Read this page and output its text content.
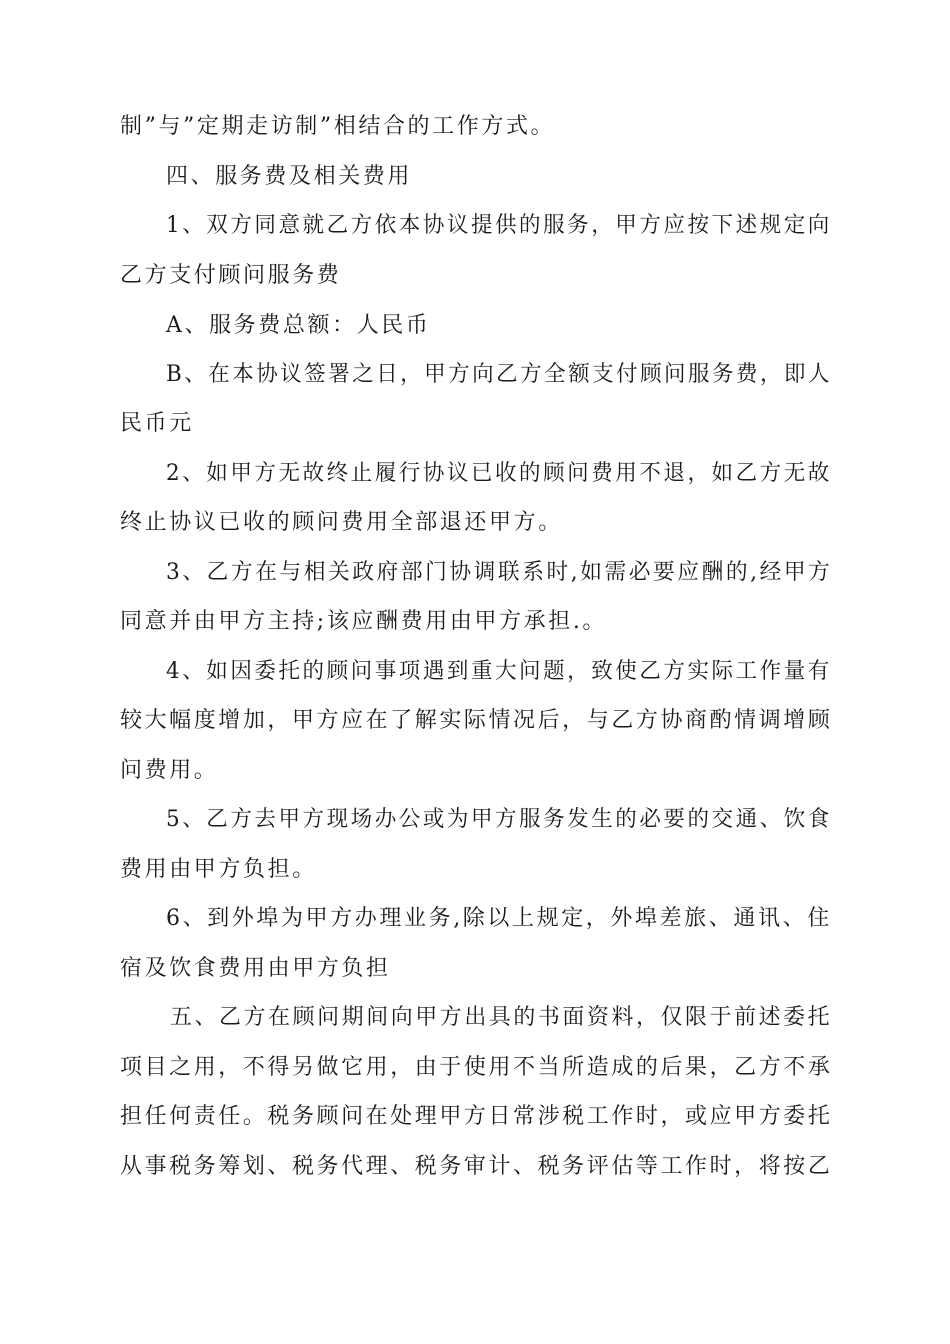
制”与”定期走访制”相结合的工作方式。
四、服务费及相关费用
1、双方同意就乙方依本协议提供的服务，甲方应按下述规定向
乙方支付顾问服务费
A、服务费总额：人民币
B、在本协议签署之日，甲方向乙方全额支付顾问服务费，即人
民币元
2、如甲方无故终止履行协议已收的顾问费用不退，如乙方无故
终止协议已收的顾问费用全部退还甲方。
3、乙方在与相关政府部门协调联系时,如需必要应酬的,经甲方
同意并由甲方主持;该应酬费用由甲方承担.。
4、如因委托的顾问事项遇到重大问题，致使乙方实际工作量有
较大幅度增加，甲方应在了解实际情况后，与乙方协商酌情调增顾
问费用。
5、乙方去甲方现场办公或为甲方服务发生的必要的交通、饮食
费用由甲方负担。
6、到外埠为甲方办理业务,除以上规定，外埠差旅、通讯、住
宿及饮食费用由甲方负担
五、乙方在顾问期间向甲方出具的书面资料，仅限于前述委托
项目之用，不得另做它用，由于使用不当所造成的后果，乙方不承
担任何责任。税务顾问在处理甲方日常涉税工作时，或应甲方委托
从事税务筹划、税务代理、税务审计、税务评估等工作时，将按乙
